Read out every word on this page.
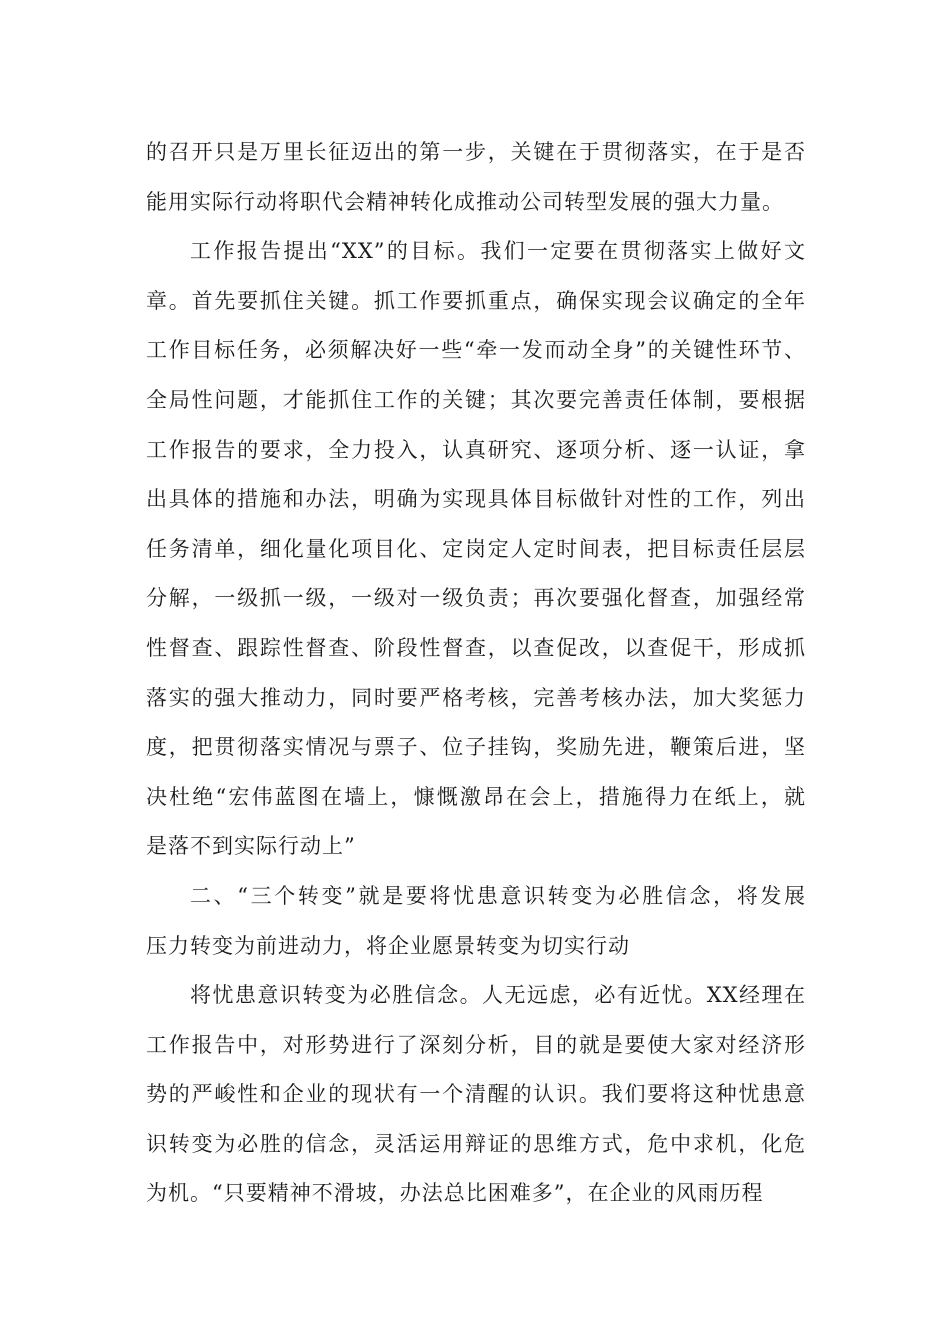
的召开只是万里长征迈出的第一步，关键在于贯彻落实，在于是否
能用实际行动将职代会精神转化成推动公司转型发展的强大力量。
工作报告提出“XX”的目标。我们一定要在贯彻落实上做好文
章。首先要抓住关键。抓工作要抓重点，确保实现会议确定的全年
工作目标任务，必须解决好一些“牵一发而动全身”的关键性环节、
全局性问题，才能抓住工作的关键；其次要完善责任体制，要根据
工作报告的要求，全力投入，认真研究、逐项分析、逐一认证，拿
出具体的措施和办法，明确为实现具体目标做针对性的工作，列出
任务清单，细化量化项目化、定岗定人定时间表，把目标责任层层
分解，一级抓一级，一级对一级负责；再次要强化督查，加强经常
性督查、跟踪性督查、阶段性督查，以查促改，以查促干，形成抓
落实的强大推动力，同时要严格考核，完善考核办法，加大奖惩力
度，把贯彻落实情况与票子、位子挂钩，奖励先进，鞭策后进，坚
决杜绝“宏伟蓝图在墙上，慷慨激昂在会上，措施得力在纸上，就
是落不到实际行动上”
二、“三个转变”就是要将忧患意识转变为必胜信念，将发展
压力转变为前进动力，将企业愿景转变为切实行动
将忧患意识转变为必胜信念。人无远虑，必有近忧。XX经理在
工作报告中，对形势进行了深刻分析，目的就是要使大家对经济形
势的严峻性和企业的现状有一个清醒的认识。我们要将这种忧患意
识转变为必胜的信念，灵活运用辩证的思维方式，危中求机，化危
为机。“只要精神不滑坡，办法总比困难多”，在企业的风雨历程
